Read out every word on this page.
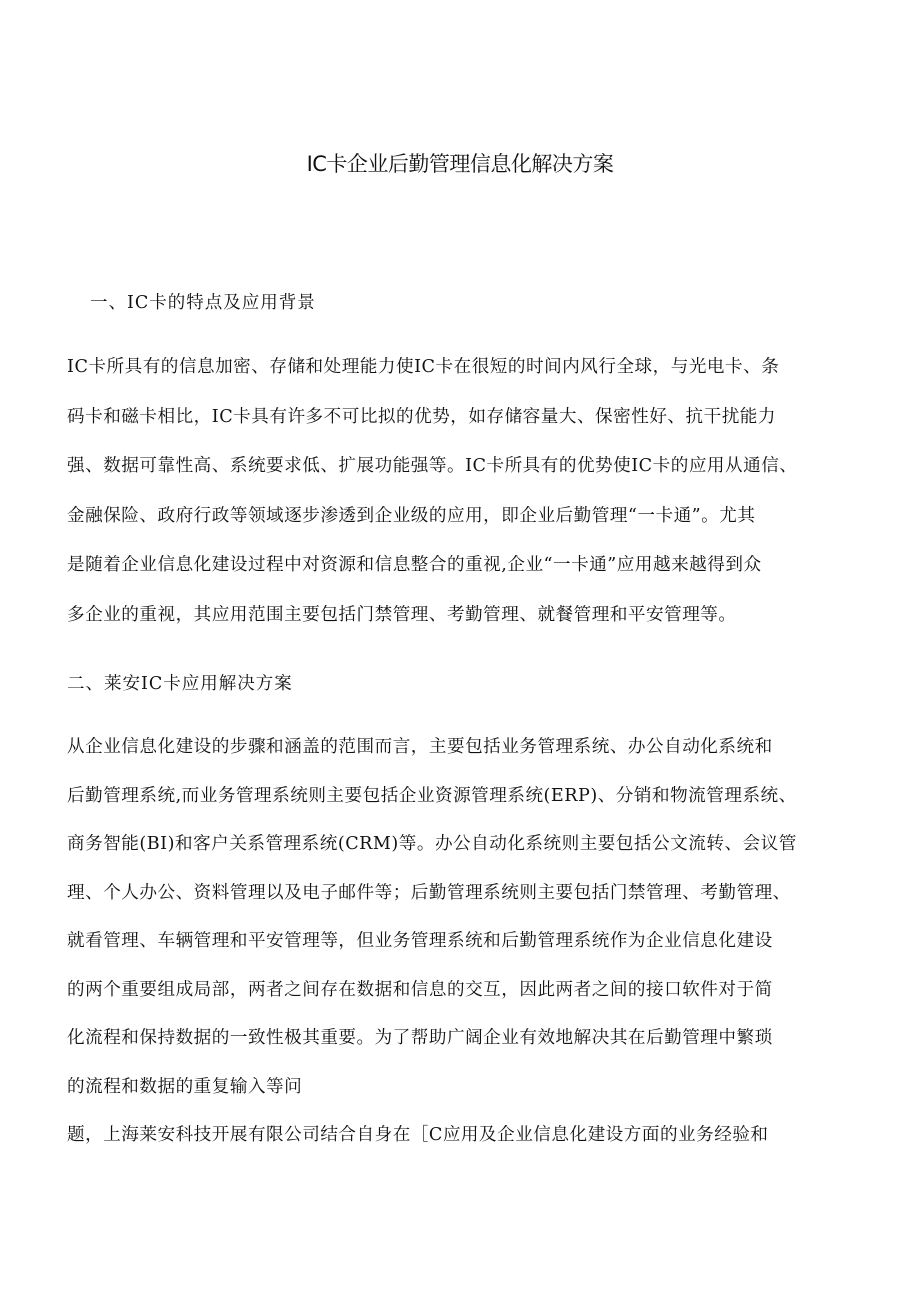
IC卡企业后勤管理信息化解决方案
一、IC卡的特点及应用背景
IC卡所具有的信息加密、存储和处理能力使IC卡在很短的时间内风行全球，与光电卡、条
码卡和磁卡相比，IC卡具有许多不可比拟的优势，如存储容量大、保密性好、抗干扰能力
强、数据可靠性高、系统要求低、扩展功能强等。IC卡所具有的优势使IC卡的应用从通信、
金融保险、政府行政等领域逐步渗透到企业级的应用，即企业后勤管理“一卡通”。尤其
是随着企业信息化建设过程中对资源和信息整合的重视,企业“一卡通”应用越来越得到众
多企业的重视，其应用范围主要包括门禁管理、考勤管理、就餐管理和平安管理等。
二、莱安IC卡应用解决方案
从企业信息化建设的步骤和涵盖的范围而言，主要包括业务管理系统、办公自动化系统和
后勤管理系统,而业务管理系统则主要包括企业资源管理系统(ERP)、分销和物流管理系统、
商务智能(BI)和客户关系管理系统(CRM)等。办公自动化系统则主要包括公文流转、会议管
理、个人办公、资料管理以及电子邮件等；后勤管理系统则主要包括门禁管理、考勤管理、
就看管理、车辆管理和平安管理等，但业务管理系统和后勤管理系统作为企业信息化建设
的两个重要组成局部，两者之间存在数据和信息的交互，因此两者之间的接口软件对于简
化流程和保持数据的一致性极其重要。为了帮助广阔企业有效地解决其在后勤管理中繁琐
的流程和数据的重复输入等问
题，上海莱安科技开展有限公司结合自身在［C应用及企业信息化建设方面的业务经验和
